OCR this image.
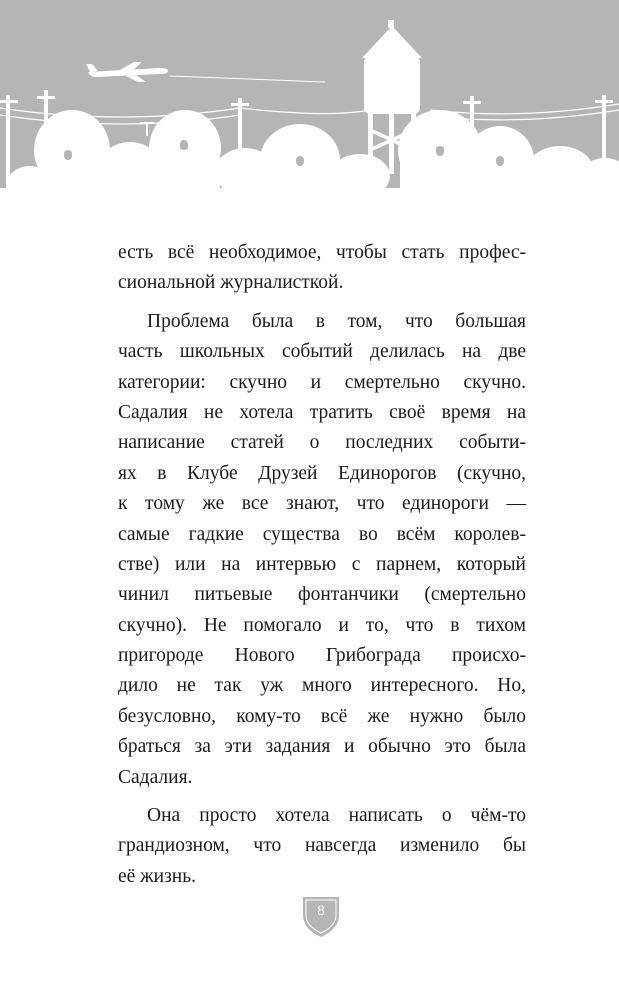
есть всё необходимое, чтобы стать профес-
сиональной журналисткой.
Проблема была в том, что большая
часть школьных событий делилась на две
категории: скучно и смертельно скучно.
Садалия не хотела тратить своё время на
написание статей о последних событи-
ях в Клубе Друзей Единорогов (скучно,
к тому же все знают, что единороги —
самые гадкие существа во всём королев-
стве) или на интервью с парнем, который
чинил питьевые фонтанчики (смертельно
скучно). Не помогало и то, что в тихом
пригороде Нового Грибограда происхо-
дило не так уж много интересного. Но,
безусловно, кому-то всё же нужно было
браться за эти задания и обычно это была
Садалия.
Она просто хотела написать о чём-то
грандиозном, что навсегда изменило бы
её жизнь.
8
